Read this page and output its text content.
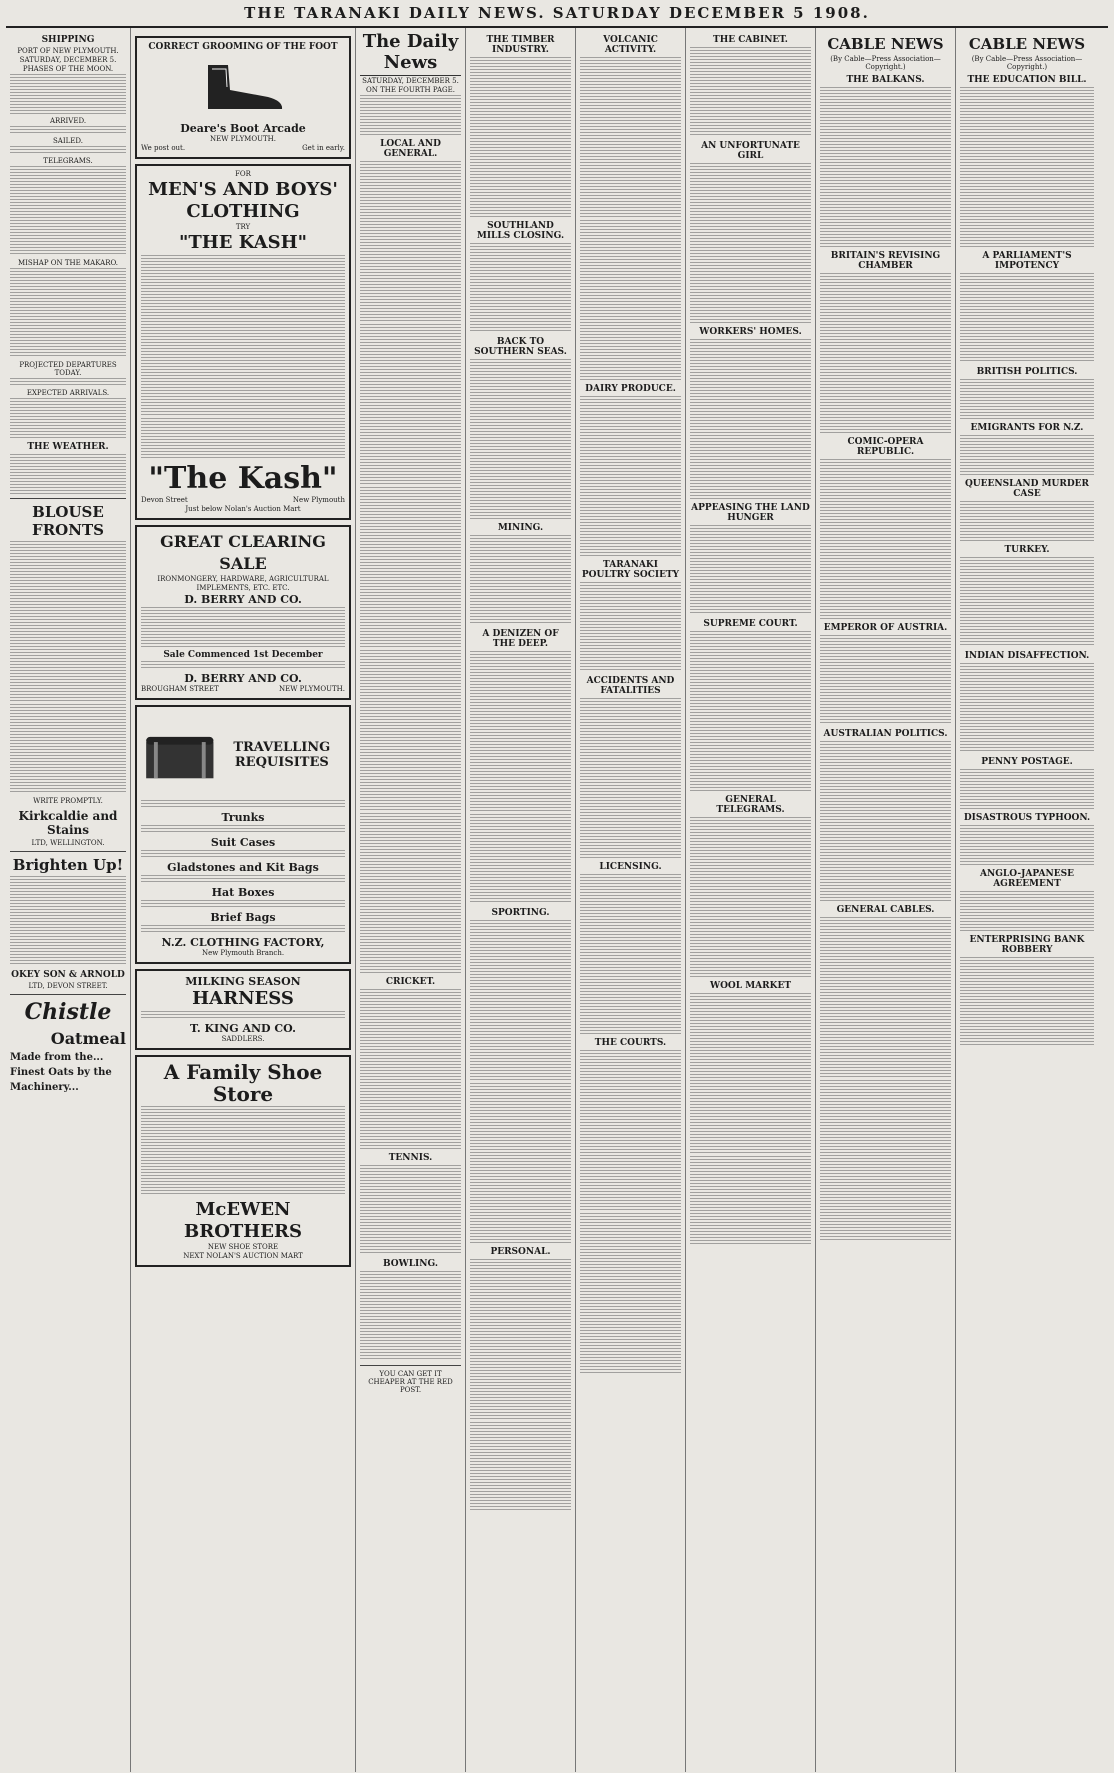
THE TARANAKI DAILY NEWS. SATURDAY DECEMBER 5 1908.
SHIPPING
PORT OF NEW PLYMOUTH.
SATURDAY, DECEMBER 5.
PHASES OF THE MOON.
ARRIVED.
SAILED.
TELEGRAMS.
MISHAP ON THE MAKARO.
PROJECTED DEPARTURES TODAY.
EXPECTED ARRIVALS.
THE WEATHER.
BLOUSE FRONTS
WRITE PROMPTLY.
Kirkcaldie and Stains
LTD, WELLINGTON.
Brighten Up!
OKEY SON & ARNOLD
LTD, DEVON STREET.
Chistle
Oatmeal
Made from the...
Finest Oats by the
Machinery...
CORRECT GROOMING OF THE FOOT
Deare's Boot Arcade
NEW PLYMOUTH.
We post out.	Get in early.
FOR
MEN'S AND BOYS' CLOTHING
TRY
"THE KASH"
"The Kash"
Devon Street	New Plymouth
Just below Nolan's Auction Mart
GREAT CLEARING SALE
IRONMONGERY, HARDWARE, AGRICULTURAL IMPLEMENTS, ETC. ETC.
D. BERRY AND CO.
Sale Commenced 1st December
D. BERRY AND CO.
BROUGHAM STREET	NEW PLYMOUTH.
TRAVELLING REQUISITES
Trunks
Suit Cases
Gladstones and Kit Bags
Hat Boxes
Brief Bags
N.Z. CLOTHING FACTORY,
New Plymouth Branch.
MILKING SEASON
HARNESS
T. KING AND CO.
SADDLERS.
A Family Shoe Store
McEWEN BROTHERS
NEW SHOE STORE
NEXT NOLAN'S AUCTION MART
The Daily News
SATURDAY, DECEMBER 5.
ON THE FOURTH PAGE.
LOCAL AND GENERAL.
CRICKET.
TENNIS.
BOWLING.
YOU CAN GET IT CHEAPER AT THE RED POST.
THE TIMBER INDUSTRY.
SOUTHLAND MILLS CLOSING.
BACK TO SOUTHERN SEAS.
MINING.
A DENIZEN OF THE DEEP.
SPORTING.
PERSONAL.
VOLCANIC ACTIVITY.
DAIRY PRODUCE.
TARANAKI POULTRY SOCIETY
ACCIDENTS AND FATALITIES
LICENSING.
THE COURTS.
THE CABINET.
AN UNFORTUNATE GIRL
WORKERS' HOMES.
APPEASING THE LAND HUNGER
SUPREME COURT.
GENERAL TELEGRAMS.
WOOL MARKET
CABLE NEWS
(By Cable—Press Association—Copyright.)
THE BALKANS.
BRITAIN'S REVISING CHAMBER
COMIC-OPERA REPUBLIC.
EMPEROR OF AUSTRIA.
AUSTRALIAN POLITICS.
GENERAL CABLES.
CABLE NEWS
(By Cable—Press Association—Copyright.)
THE EDUCATION BILL.
A PARLIAMENT'S IMPOTENCY
BRITISH POLITICS.
EMIGRANTS FOR N.Z.
QUEENSLAND MURDER CASE
TURKEY.
INDIAN DISAFFECTION.
PENNY POSTAGE.
DISASTROUS TYPHOON.
ANGLO-JAPANESE AGREEMENT
ENTERPRISING BANK ROBBERY
